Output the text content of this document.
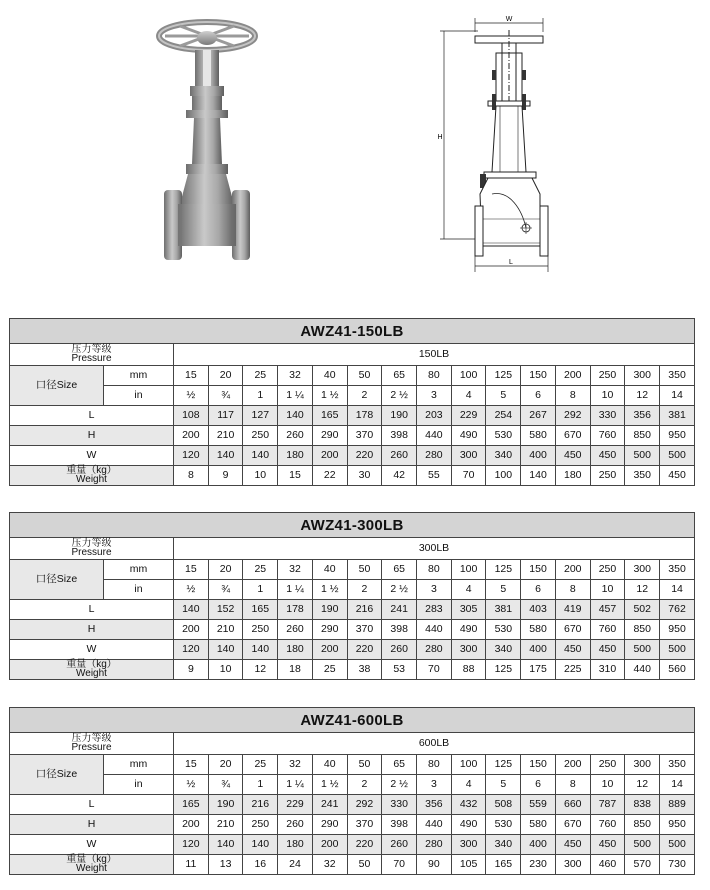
W
H
L
AWZ41-150LB																

压力等级
Pressure		150LB														
口径Size	mm	15	20	25	32	40	50	65	80	100	125	150	200	250	300	350
	in	½	¾	1	1 ¼	1 ½	2	2 ½	3	4	5	6	8	10	12	14
L		108	117	127	140	165	178	190	203	229	254	267	292	330	356	381
H		200	210	250	260	290	370	398	440	490	530	580	670	760	850	950
W		120	140	140	180	200	220	260	280	300	340	400	450	450	500	500

重量（kg）
Weight		8	9	10	15	22	30	42	55	70	100	140	180	250	350	450
AWZ41-300LB																

压力等级
Pressure		300LB														
口径Size	mm	15	20	25	32	40	50	65	80	100	125	150	200	250	300	350
	in	½	¾	1	1 ¼	1 ½	2	2 ½	3	4	5	6	8	10	12	14
L		140	152	165	178	190	216	241	283	305	381	403	419	457	502	762
H		200	210	250	260	290	370	398	440	490	530	580	670	760	850	950
W		120	140	140	180	200	220	260	280	300	340	400	450	450	500	500

重量（kg）
Weight		9	10	12	18	25	38	53	70	88	125	175	225	310	440	560
AWZ41-600LB																

压力等级
Pressure		600LB														
口径Size	mm	15	20	25	32	40	50	65	80	100	125	150	200	250	300	350
	in	½	¾	1	1 ¼	1 ½	2	2 ½	3	4	5	6	8	10	12	14
L		165	190	216	229	241	292	330	356	432	508	559	660	787	838	889
H		200	210	250	260	290	370	398	440	490	530	580	670	760	850	950
W		120	140	140	180	200	220	260	280	300	340	400	450	450	500	500

重量（kg）
Weight		11	13	16	24	32	50	70	90	105	165	230	300	460	570	730
